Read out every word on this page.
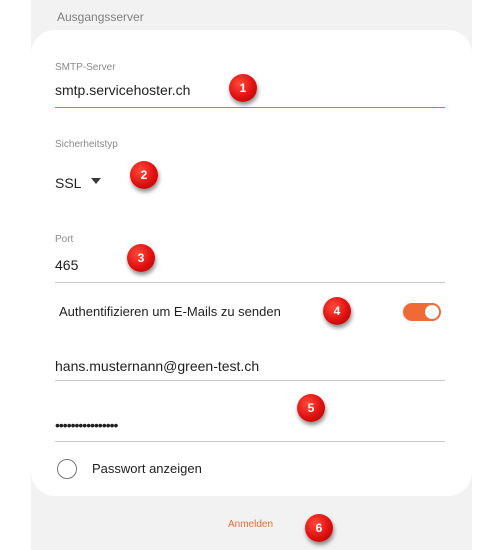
Ausgangsserver
SMTP-Server
smtp.servicehoster.ch
Sicherheitstyp
SSL
Port
465
Authentifizieren um E-Mails zu senden
hans.musternann@green-test.ch
••••••••••••••••
Passwort anzeigen
Anmelden
1
2
3
4
5
6
